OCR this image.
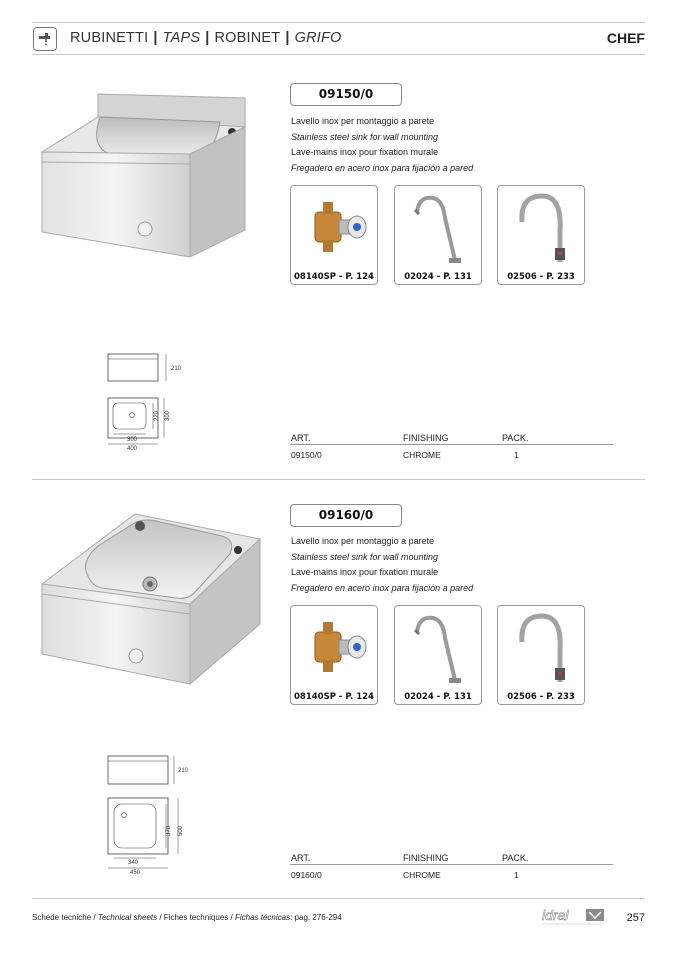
RUBINETTI | TAPS | ROBINET | GRIFO	CHEF
09150/0
Lavello inox per montaggio a parete
Stainless steel sink for wall mounting
Lave-mains inox pour fixation murale
Fregadero en acero inox para fijación a pared
08140SP - P. 124	02024 - P. 131	02506 - P. 233
210
220 300
300
400
ART.	FINISHING	PACK.
09150/0	CHROME	1
09160/0
Lavello inox per montaggio a parete
Stainless steel sink for wall mounting
Lave-mains inox pour fixation murale
Fregadero en acero inox para fijación a pared
08140SP - P. 124	02024 - P. 131	02506 - P. 233
210
370 500
340
450
ART.	FINISHING	PACK.
09160/0	CHROME	1
Schede tecniche / Technical sheets / Fiches techniques / Fichas técnicas: pag. 276-294	idral	257
